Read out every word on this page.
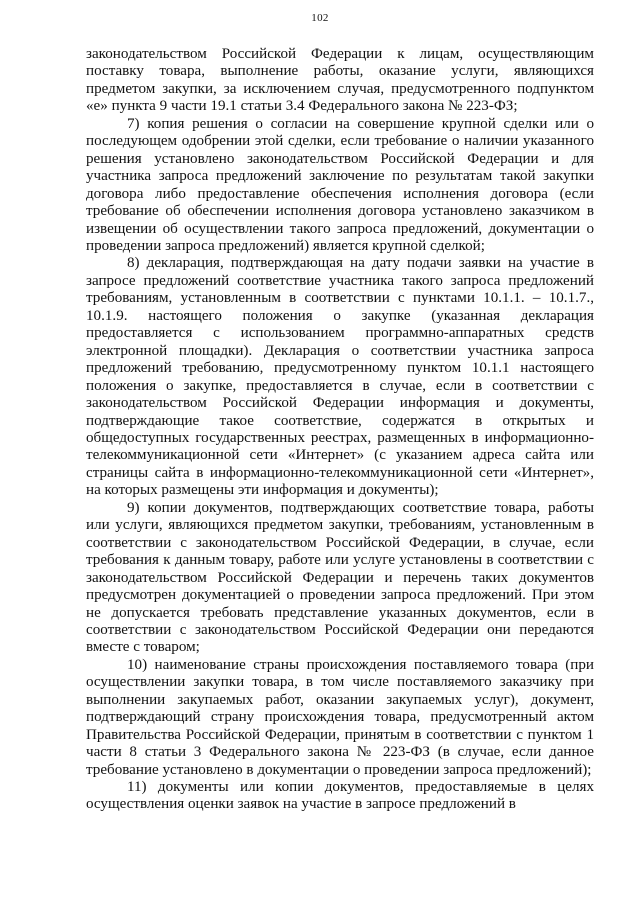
102

законодательством Российской Федерации к лицам, осуществляющим поставку товара, выполнение работы, оказание услуги, являющихся предметом закупки, за исключением случая, предусмотренного подпунктом «е» пункта 9 части 19.1 статьи 3.4 Федерального закона № 223-ФЗ;

7) копия решения о согласии на совершение крупной сделки или о последующем одобрении этой сделки, если требование о наличии указанного решения установлено законодательством Российской Федерации и для участника запроса предложений заключение по результатам такой закупки договора либо предоставление обеспечения исполнения договора (если требование об обеспечении исполнения договора установлено заказчиком в извещении об осуществлении такого запроса предложений, документации о проведении запроса предложений) является крупной сделкой;

8) декларация, подтверждающая на дату подачи заявки на участие в запросе предложений соответствие участника такого запроса предложений требованиям, установленным в соответствии с пунктами 10.1.1. – 10.1.7., 10.1.9. настоящего положения о закупке (указанная декларация предоставляется с использованием программно-аппаратных средств электронной площадки). Декларация о соответствии участника запроса предложений требованию, предусмотренному пунктом 10.1.1 настоящего положения о закупке, предоставляется в случае, если в соответствии с законодательством Российской Федерации информация и документы, подтверждающие такое соответствие, содержатся в открытых и общедоступных государственных реестрах, размещенных в информационно-телекоммуникационной сети «Интернет» (с указанием адреса сайта или страницы сайта в информационно-телекоммуникационной сети «Интернет», на которых размещены эти информация и документы);

9) копии документов, подтверждающих соответствие товара, работы или услуги, являющихся предметом закупки, требованиям, установленным в соответствии с законодательством Российской Федерации, в случае, если требования к данным товару, работе или услуге установлены в соответствии с законодательством Российской Федерации и перечень таких документов предусмотрен документацией о проведении запроса предложений. При этом не допускается требовать представление указанных документов, если в соответствии с законодательством Российской Федерации они передаются вместе с товаром;

10) наименование страны происхождения поставляемого товара (при осуществлении закупки товара, в том числе поставляемого заказчику при выполнении закупаемых работ, оказании закупаемых услуг), документ, подтверждающий страну происхождения товара, предусмотренный актом Правительства Российской Федерации, принятым в соответствии с пунктом 1 части 8 статьи 3 Федерального закона № 223-ФЗ (в случае, если данное требование установлено в документации о проведении запроса предложений);

11) документы или копии документов, предоставляемые в целях осуществления оценки заявок на участие в запросе предложений в
